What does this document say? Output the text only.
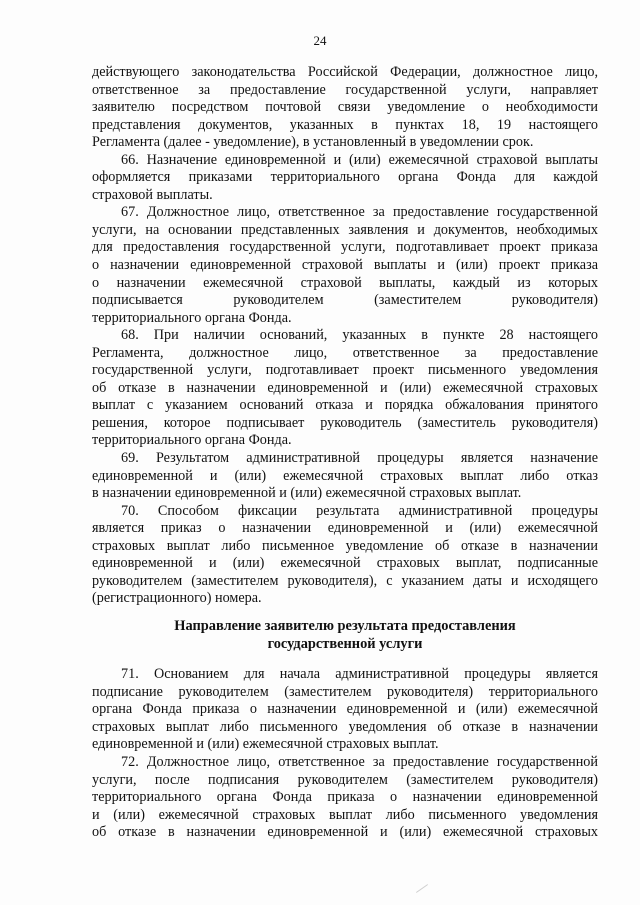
24
действующего законодательства Российской Федерации, должностное лицо,
ответственное за предоставление государственной услуги, направляет
заявителю посредством почтовой связи уведомление о необходимости
представления документов, указанных в пунктах 18, 19 настоящего
Регламента (далее - уведомление), в установленный в уведомлении срок.
66. Назначение единовременной и (или) ежемесячной страховой выплаты
оформляется приказами территориального органа Фонда для каждой
страховой выплаты.
67. Должностное лицо, ответственное за предоставление государственной
услуги, на основании представленных заявления и документов, необходимых
для предоставления государственной услуги, подготавливает проект приказа
о назначении единовременной страховой выплаты и (или) проект приказа
о назначении ежемесячной страховой выплаты, каждый из которых
подписывается руководителем (заместителем руководителя)
территориального органа Фонда.
68. При наличии оснований, указанных в пункте 28 настоящего
Регламента, должностное лицо, ответственное за предоставление
государственной услуги, подготавливает проект письменного уведомления
об отказе в назначении единовременной и (или) ежемесячной страховых
выплат с указанием оснований отказа и порядка обжалования принятого
решения, которое подписывает руководитель (заместитель руководителя)
территориального органа Фонда.
69. Результатом административной процедуры является назначение
единовременной и (или) ежемесячной страховых выплат либо отказ
в назначении единовременной и (или) ежемесячной страховых выплат.
70. Способом фиксации результата административной процедуры
является приказ о назначении единовременной и (или) ежемесячной
страховых выплат либо письменное уведомление об отказе в назначении
единовременной и (или) ежемесячной страховых выплат, подписанные
руководителем (заместителем руководителя), с указанием даты и исходящего
(регистрационного) номера.
Направление заявителю результата предоставления
государственной услуги
71. Основанием для начала административной процедуры является
подписание руководителем (заместителем руководителя) территориального
органа Фонда приказа о назначении единовременной и (или) ежемесячной
страховых выплат либо письменного уведомления об отказе в назначении
единовременной и (или) ежемесячной страховых выплат.
72. Должностное лицо, ответственное за предоставление государственной
услуги, после подписания руководителем (заместителем руководителя)
территориального органа Фонда приказа о назначении единовременной
и (или) ежемесячной страховых выплат либо письменного уведомления
об отказе в назначении единовременной и (или) ежемесячной страховых
